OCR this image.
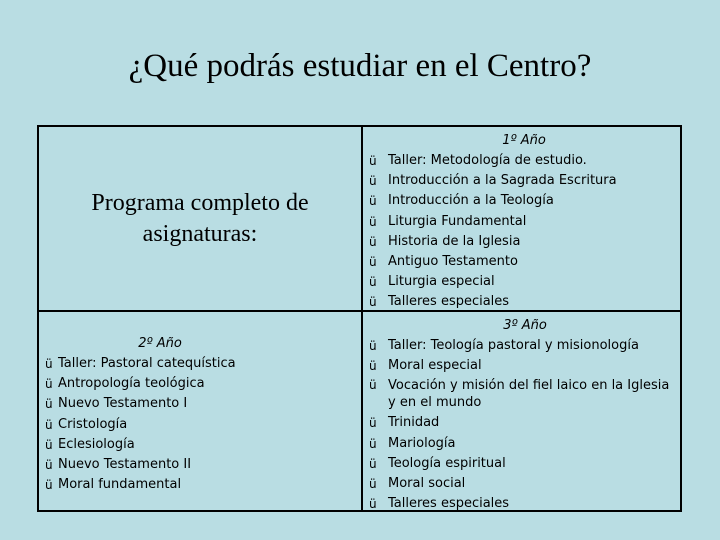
¿Qué podrás estudiar en el Centro?
Programa completo de
asignaturas:
1º Año
ü Taller: Metodología de estudio.
ü Introducción a la Sagrada Escritura
ü Introducción a la Teología
ü Liturgia Fundamental
ü Historia de la Iglesia
ü Antiguo Testamento
ü Liturgia especial
ü Talleres especiales
2º Año
ü Taller: Pastoral catequística
ü Antropología teológica
ü Nuevo Testamento I
ü Cristología
ü Eclesiología
ü Nuevo Testamento II
ü Moral fundamental
3º Año
ü Taller: Teología pastoral y misionología
ü Moral especial
ü Vocación y misión del fiel laico en la Iglesia y en el mundo
ü Trinidad
ü Mariología
ü Teología espiritual
ü Moral social
ü Talleres especiales
